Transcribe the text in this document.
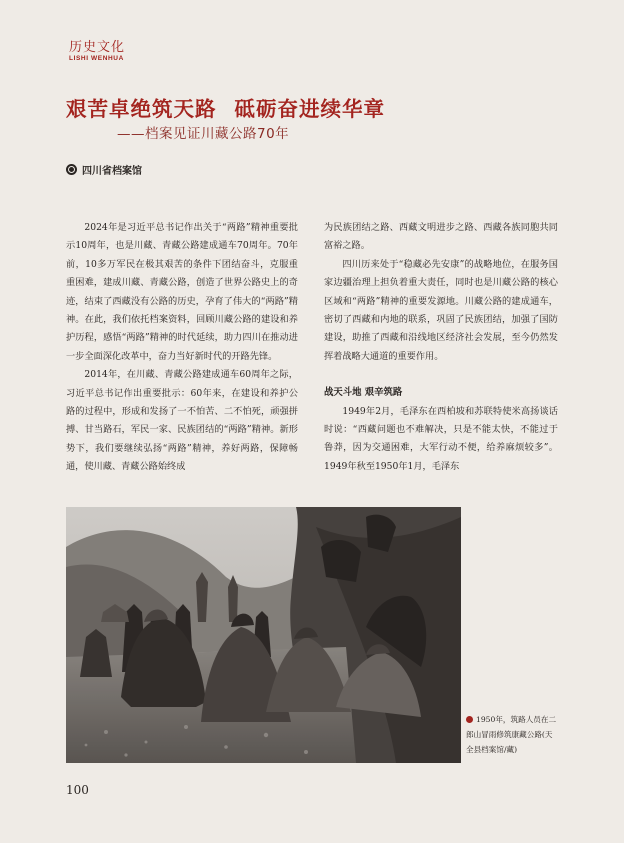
历史文化
LISHI WENHUA
艰苦卓绝筑天路 砥砺奋进续华章
——档案见证川藏公路70年
四川省档案馆

2024年是习近平总书记作出关于“两路”精神重要批示10周年，也是川藏、青藏公路建成通车70周年。70年前，10多万军民在极其艰苦的条件下团结奋斗，克服重重困难，建成川藏、青藏公路，创造了世界公路史上的奇迹，结束了西藏没有公路的历史，孕育了伟大的“两路”精神。在此，我们依托档案资料，回顾川藏公路的建设和养护历程，感悟“两路”精神的时代延续，助力四川在推动进一步全面深化改革中，奋力当好新时代的开路先锋。

2014年，在川藏、青藏公路建成通车60周年之际，习近平总书记作出重要批示：60年来，在建设和养护公路的过程中，形成和发扬了一不怕苦、二不怕死，顽强拼搏、甘当路石，军民一家、民族团结的“两路”精神。新形势下，我们要继续弘扬“两路”精神，养好两路，保障畅通，使川藏、青藏公路始终成

为民族团结之路、西藏文明进步之路、西藏各族同胞共同富裕之路。

四川历来处于“稳藏必先安康”的战略地位，在服务国家边疆治理上担负着重大责任，同时也是川藏公路的核心区域和“两路”精神的重要发源地。川藏公路的建成通车，密切了西藏和内地的联系，巩固了民族团结，加强了国防建设，助推了西藏和沿线地区经济社会发展，至今仍然发挥着战略大通道的重要作用。

战天斗地 艰辛筑路

1949年2月，毛泽东在西柏坡和苏联特使米高扬谈话时说：“西藏问题也不难解决，只是不能太快，不能过于鲁莽，因为交通困难，大军行动不便，给养麻烦较多”。1949年秋至1950年1月，毛泽东

1950年，筑路人员在二郎山冒雨修筑康藏公路(天全县档案馆/藏)
100
